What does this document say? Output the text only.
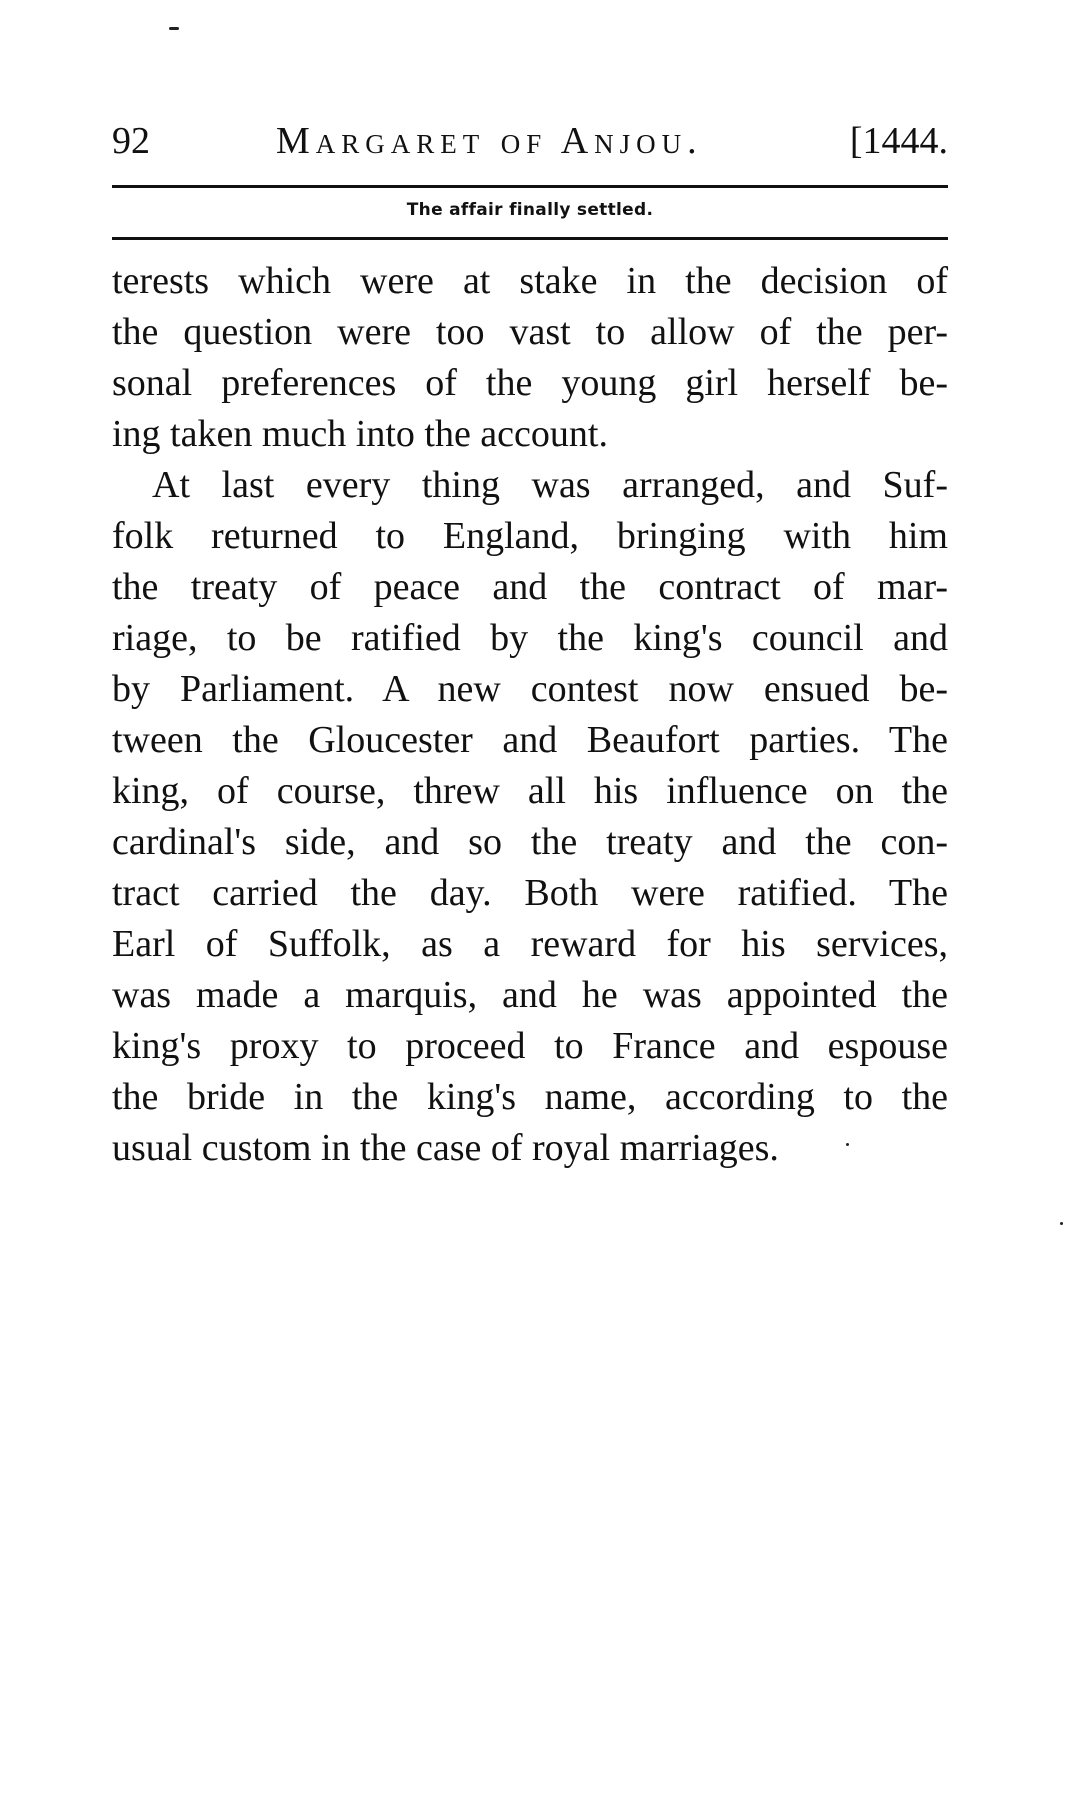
92	Margaret of Anjou.	[1444.
The affair finally settled.
terests which were at stake in the decision of
the question were too vast to allow of the per-
sonal preferences of the young girl herself be-
ing taken much into the account.
At last every thing was arranged, and Suf-
folk returned to England, bringing with him
the treaty of peace and the contract of mar-
riage, to be ratified by the king's council and
by Parliament. A new contest now ensued be-
tween the Gloucester and Beaufort parties. The
king, of course, threw all his influence on the
cardinal's side, and so the treaty and the con-
tract carried the day. Both were ratified. The
Earl of Suffolk, as a reward for his services,
was made a marquis, and he was appointed the
king's proxy to proceed to France and espouse
the bride in the king's name, according to the
usual custom in the case of royal marriages.
